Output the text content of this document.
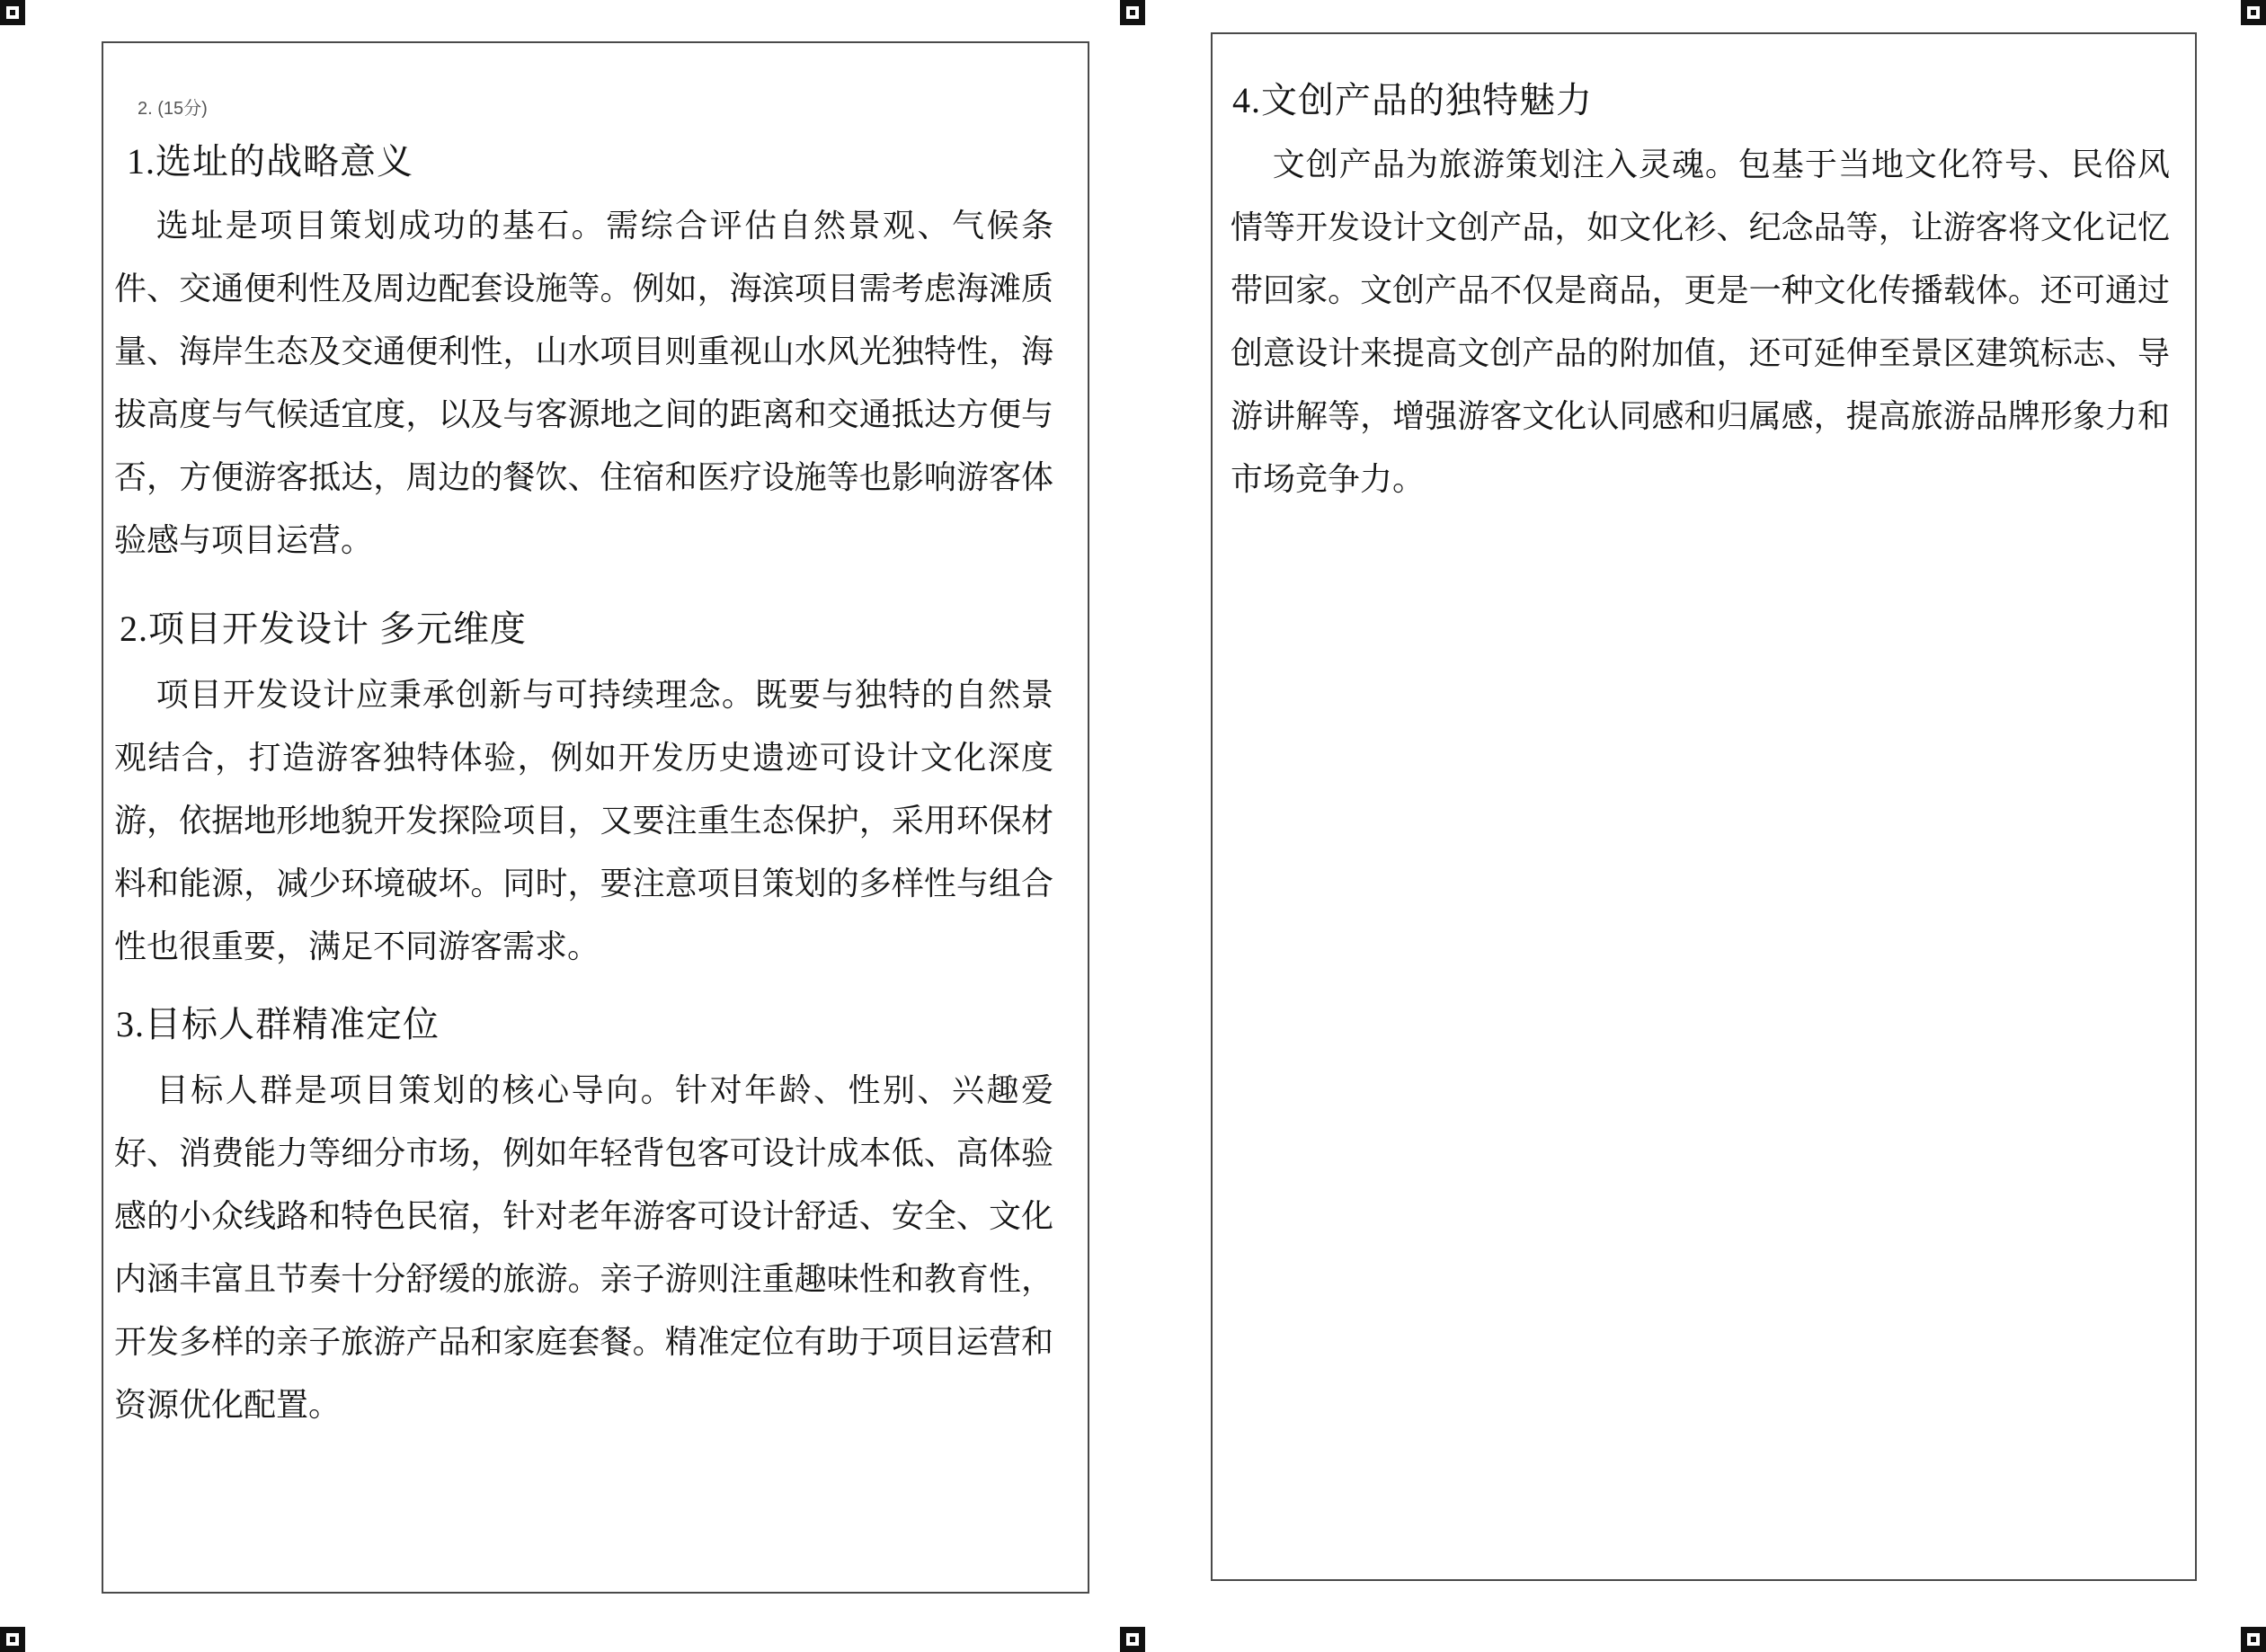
2. (15分)
1.选址的战略意义

选址是项目策划成功的基石。需综合评估自然景观、气候条件、交通便利性及周边配套设施等。例如，海滨项目需考虑海滩质量、海岸生态及交通便利性，山水项目则重视山水风光独特性，海拔高度与气候适宜度，以及与客源地之间的距离和交通抵达方便与否，方便游客抵达，周边的餐饮、住宿和医疗设施等也影响游客体验感与项目运营。

2.项目开发设计 多元维度

项目开发设计应秉承创新与可持续理念。既要与独特的自然景观结合，打造游客独特体验，例如开发历史遗迹可设计文化深度游，依据地形地貌开发探险项目，又要注重生态保护，采用环保材料和能源，减少环境破坏。同时，要注意项目策划的多样性与组合性也很重要，满足不同游客需求。

3.目标人群精准定位

目标人群是项目策划的核心导向。针对年龄、性别、兴趣爱好、消费能力等细分市场，例如年轻背包客可设计成本低、高体验感的小众线路和特色民宿，针对老年游客可设计舒适、安全、文化内涵丰富且节奏十分舒缓的旅游。亲子游则注重趣味性和教育性，开发多样的亲子旅游产品和家庭套餐。精准定位有助于项目运营和资源优化配置。

4.文创产品的独特魅力

文创产品为旅游策划注入灵魂。包基于当地文化符号、民俗风情等开发设计文创产品，如文化衫、纪念品等，让游客将文化记忆带回家。文创产品不仅是商品，更是一种文化传播载体。还可通过创意设计来提高文创产品的附加值，还可延伸至景区建筑标志、导游讲解等，增强游客文化认同感和归属感，提高旅游品牌形象力和市场竞争力。
